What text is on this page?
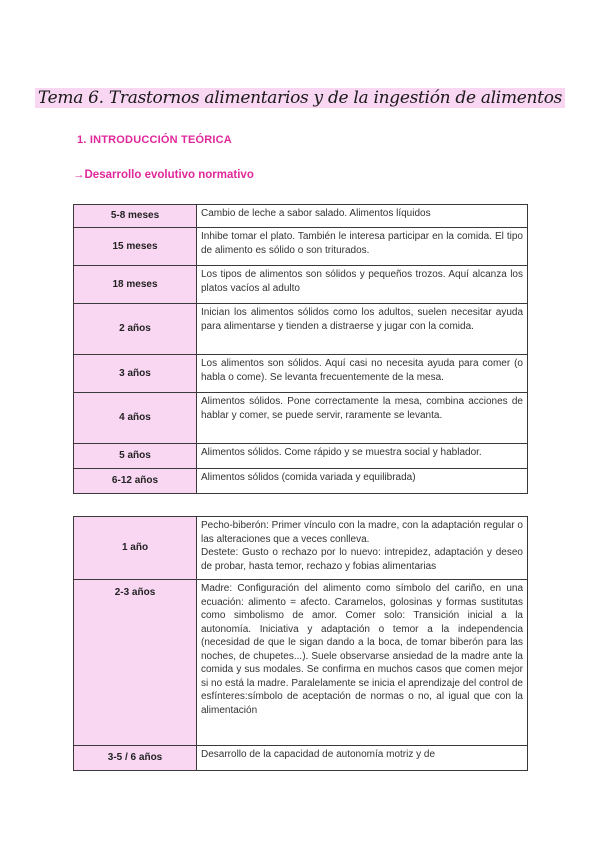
Tema 6. Trastornos alimentarios y de la ingestión de alimentos
1. INTRODUCCIÓN TEÓRICA
→Desarrollo evolutivo normativo
5-8 meses	Cambio de leche a sabor salado. Alimentos líquidos
15 meses	Inhibe tomar el plato. También le interesa participar en la comida. El tipo de alimento es sólido o son triturados.
18 meses	Los tipos de alimentos son sólidos y pequeños trozos. Aquí alcanza los platos vacíos al adulto
2 años	Inician los alimentos sólidos como los adultos, suelen necesitar ayuda para alimentarse y tienden a distraerse y jugar con la comida.
3 años	Los alimentos son sólidos. Aquí casi no necesita ayuda para comer (o habla o come). Se levanta frecuentemente de la mesa.
4 años	Alimentos sólidos. Pone correctamente la mesa, combina acciones de hablar y comer, se puede servir, raramente se levanta.
5 años	Alimentos sólidos. Come rápido y se muestra social y hablador.
6-12 años	Alimentos sólidos (comida variada y equilibrada)
1 año	Pecho-biberón: Primer vínculo con la madre, con la adaptación regular o las alteraciones que a veces conlleva.

Destete: Gusto o rechazo por lo nuevo: intrepidez, adaptación y deseo de probar, hasta temor, rechazo y fobias alimentarias

2-3 años	Madre: Configuración del alimento como símbolo del cariño, en una ecuación: alimento = afecto. Caramelos, golosinas y formas sustitutas como simbolismo de amor. Comer solo: Transición inicial a la autonomía. Iniciativa y adaptación o temor a la independencia (necesidad de que le sigan dando a la boca, de tomar biberón para las noches, de chupetes...). Suele observarse ansiedad de la madre ante la comida y sus modales. Se confirma en muchos casos que comen mejor si no está la madre. Paralelamente se inicia el aprendizaje del control de esfínteres:símbolo de aceptación de normas o no, al igual que con la alimentación

3-5 / 6 años	Desarrollo de la capacidad de autonomía motriz y de
